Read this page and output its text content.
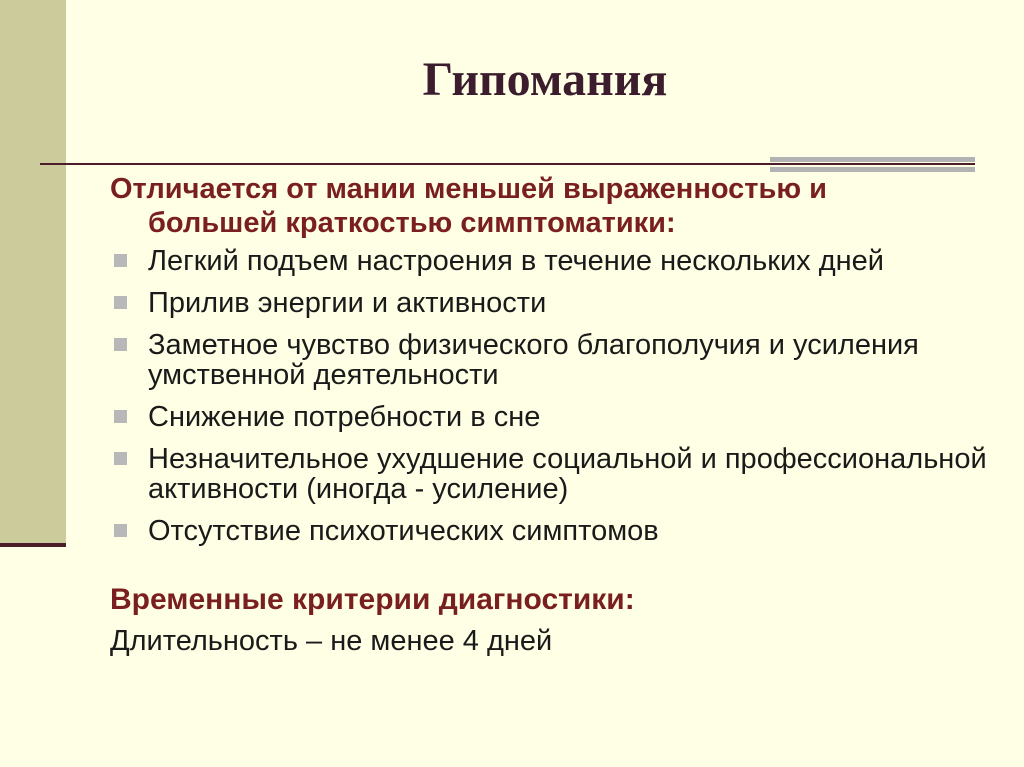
Гипомания

Отличается от мании меньшей выраженностью и
большей краткостью симптоматики:

Легкий подъем настроения в течение нескольких дней
Прилив энергии и активности
Заметное чувство физического благополучия и усиления умственной деятельности
Снижение потребности в сне
Незначительное ухудшение социальной и профессиональной активности (иногда - усиление)
Отсутствие психотических симптомов

Временные критерии диагностики:

Длительность – не менее 4 дней
